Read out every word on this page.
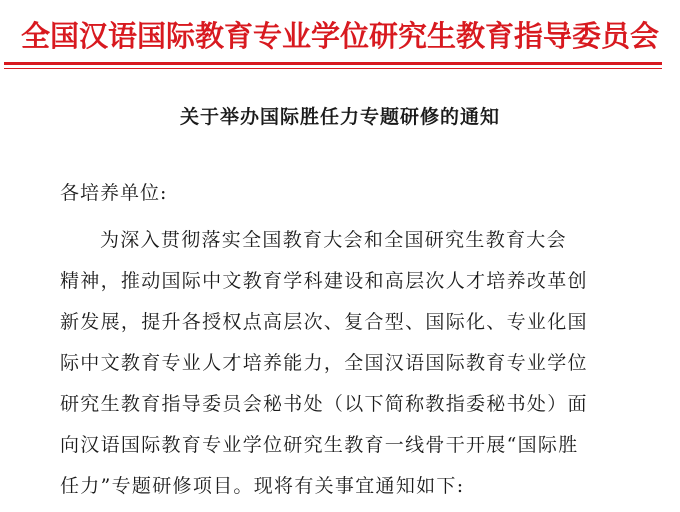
全国汉语国际教育专业学位研究生教育指导委员会
关于举办国际胜任力专题研修的通知
各培养单位:
为深入贯彻落实全国教育大会和全国研究生教育大会
精神，推动国际中文教育学科建设和高层次人才培养改革创
新发展，提升各授权点高层次、复合型、国际化、专业化国
际中文教育专业人才培养能力，全国汉语国际教育专业学位
研究生教育指导委员会秘书处（以下简称教指委秘书处）面
向汉语国际教育专业学位研究生教育一线骨干开展“国际胜
任力”专题研修项目。现将有关事宜通知如下:
